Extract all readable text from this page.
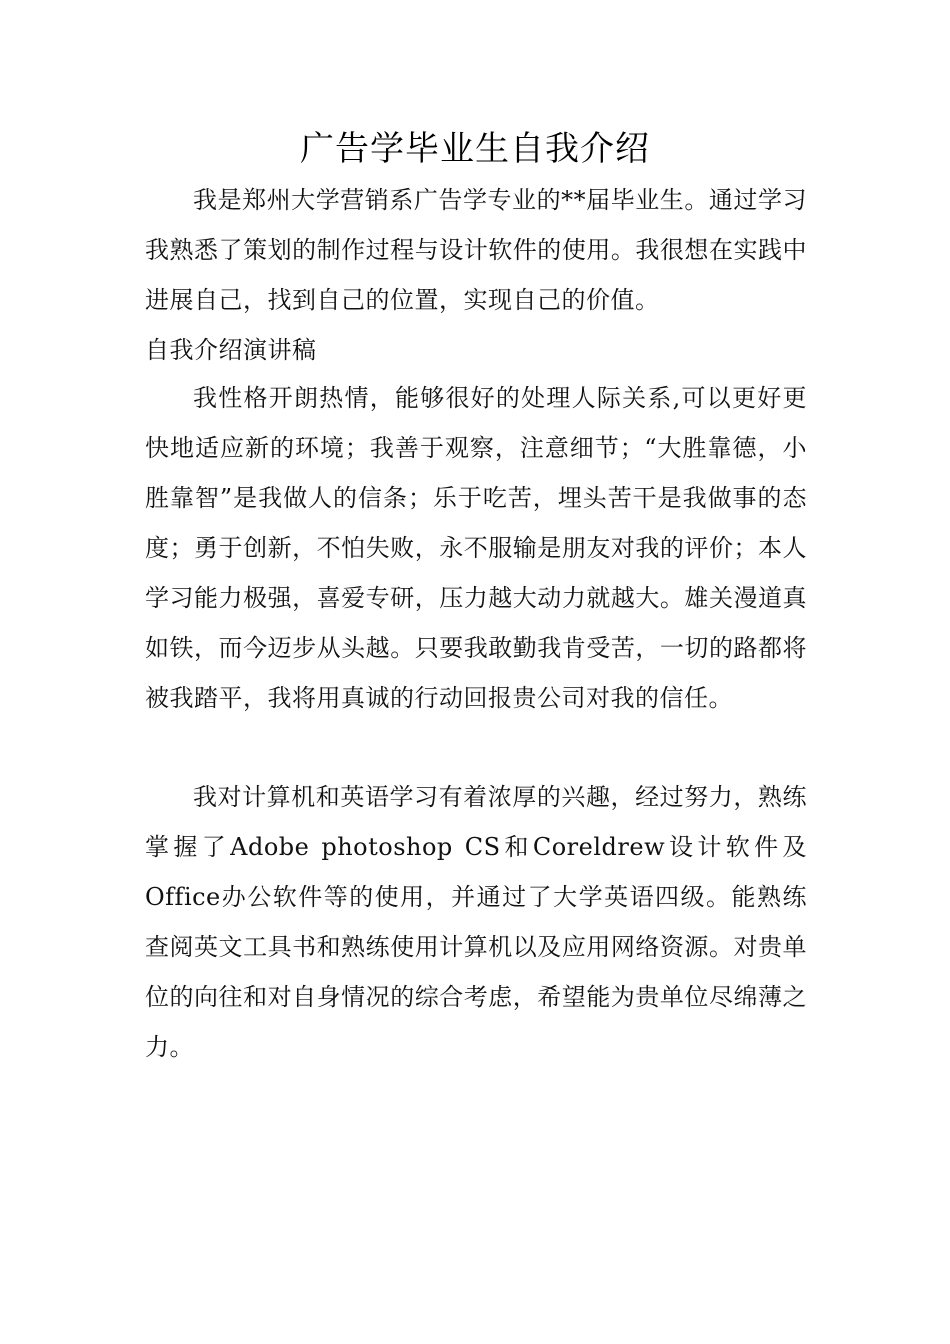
广告学毕业生自我介绍

我是郑州大学营销系广告学专业的**届毕业生。通过学习我熟悉了策划的制作过程与设计软件的使用。我很想在实践中进展自己，找到自己的位置，实现自己的价值。

自我介绍演讲稿

我性格开朗热情，能够很好的处理人际关系,可以更好更快地适应新的环境；我善于观察，注意细节；“大胜靠德，小胜靠智”是我做人的信条；乐于吃苦，埋头苦干是我做事的态度；勇于创新，不怕失败，永不服输是朋友对我的评价；本人学习能力极强，喜爱专研，压力越大动力就越大。雄关漫道真如铁，而今迈步从头越。只要我敢勤我肯受苦，一切的路都将被我踏平，我将用真诚的行动回报贵公司对我的信任。

我对计算机和英语学习有着浓厚的兴趣，经过努力，熟练掌握了Adobe photoshop CS和Coreldrew设计软件及Office办公软件等的使用，并通过了大学英语四级。能熟练查阅英文工具书和熟练使用计算机以及应用网络资源。对贵单位的向往和对自身情况的综合考虑，希望能为贵单位尽绵薄之力。
